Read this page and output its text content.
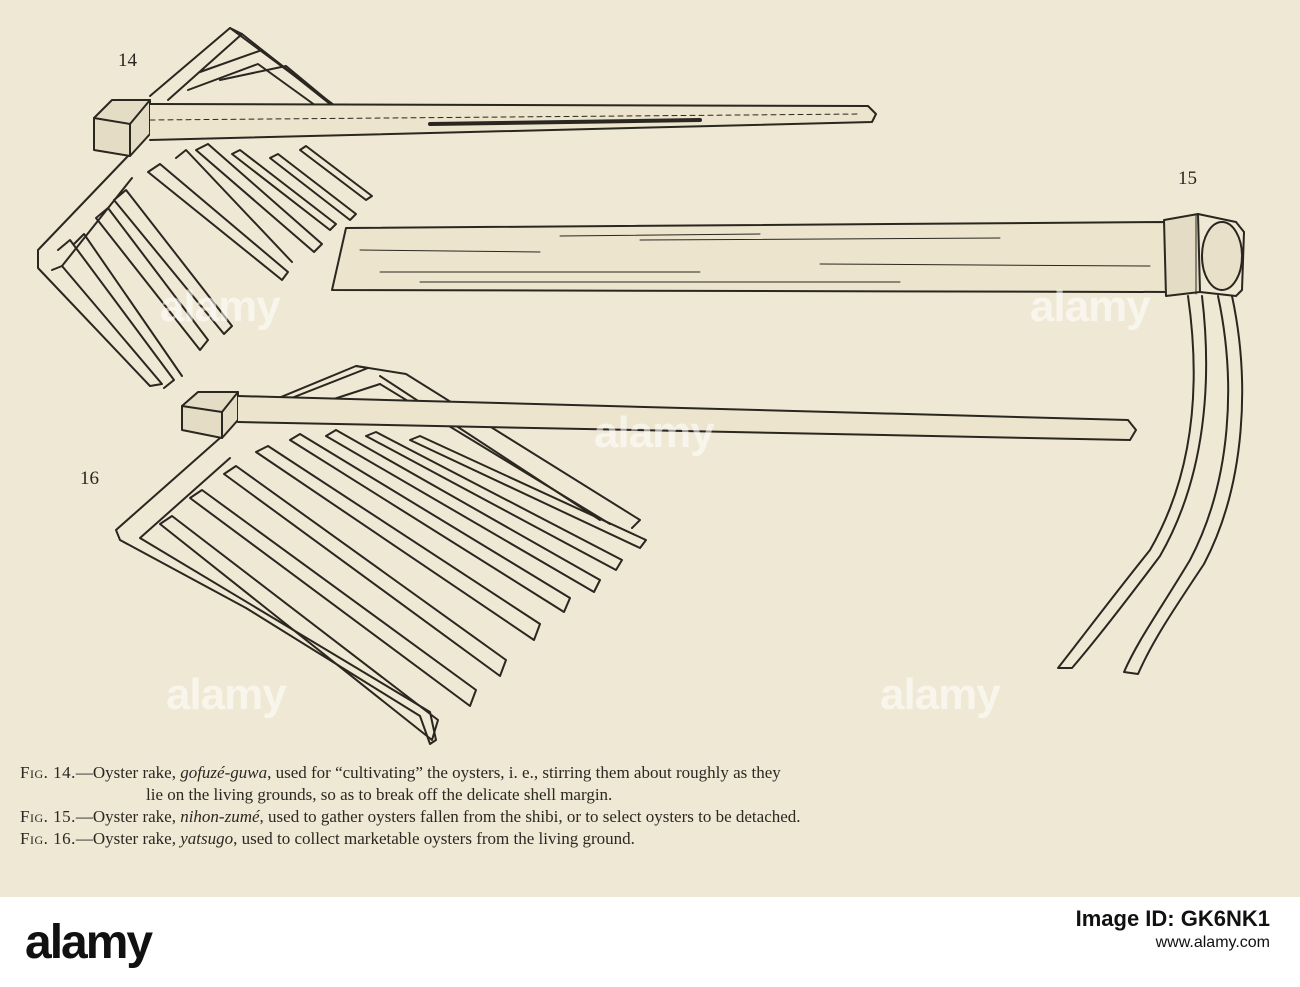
14
15
16
alamy
alamy
alamy
alamy	alamy
Fig. 14.—Oyster rake, gofuzé-guwa, used for “cultivating” the oysters, i. e., stirring them about roughly as they
lie on the living grounds, so as to break off the delicate shell margin.
Fig. 15.—Oyster rake, nihon-zumé, used to gather oysters fallen from the shibi, or to select oysters to be detached.
Fig. 16.—Oyster rake, yatsugo, used to collect marketable oysters from the living ground.
alamy	Image ID: GK6NK1
www.alamy.com
